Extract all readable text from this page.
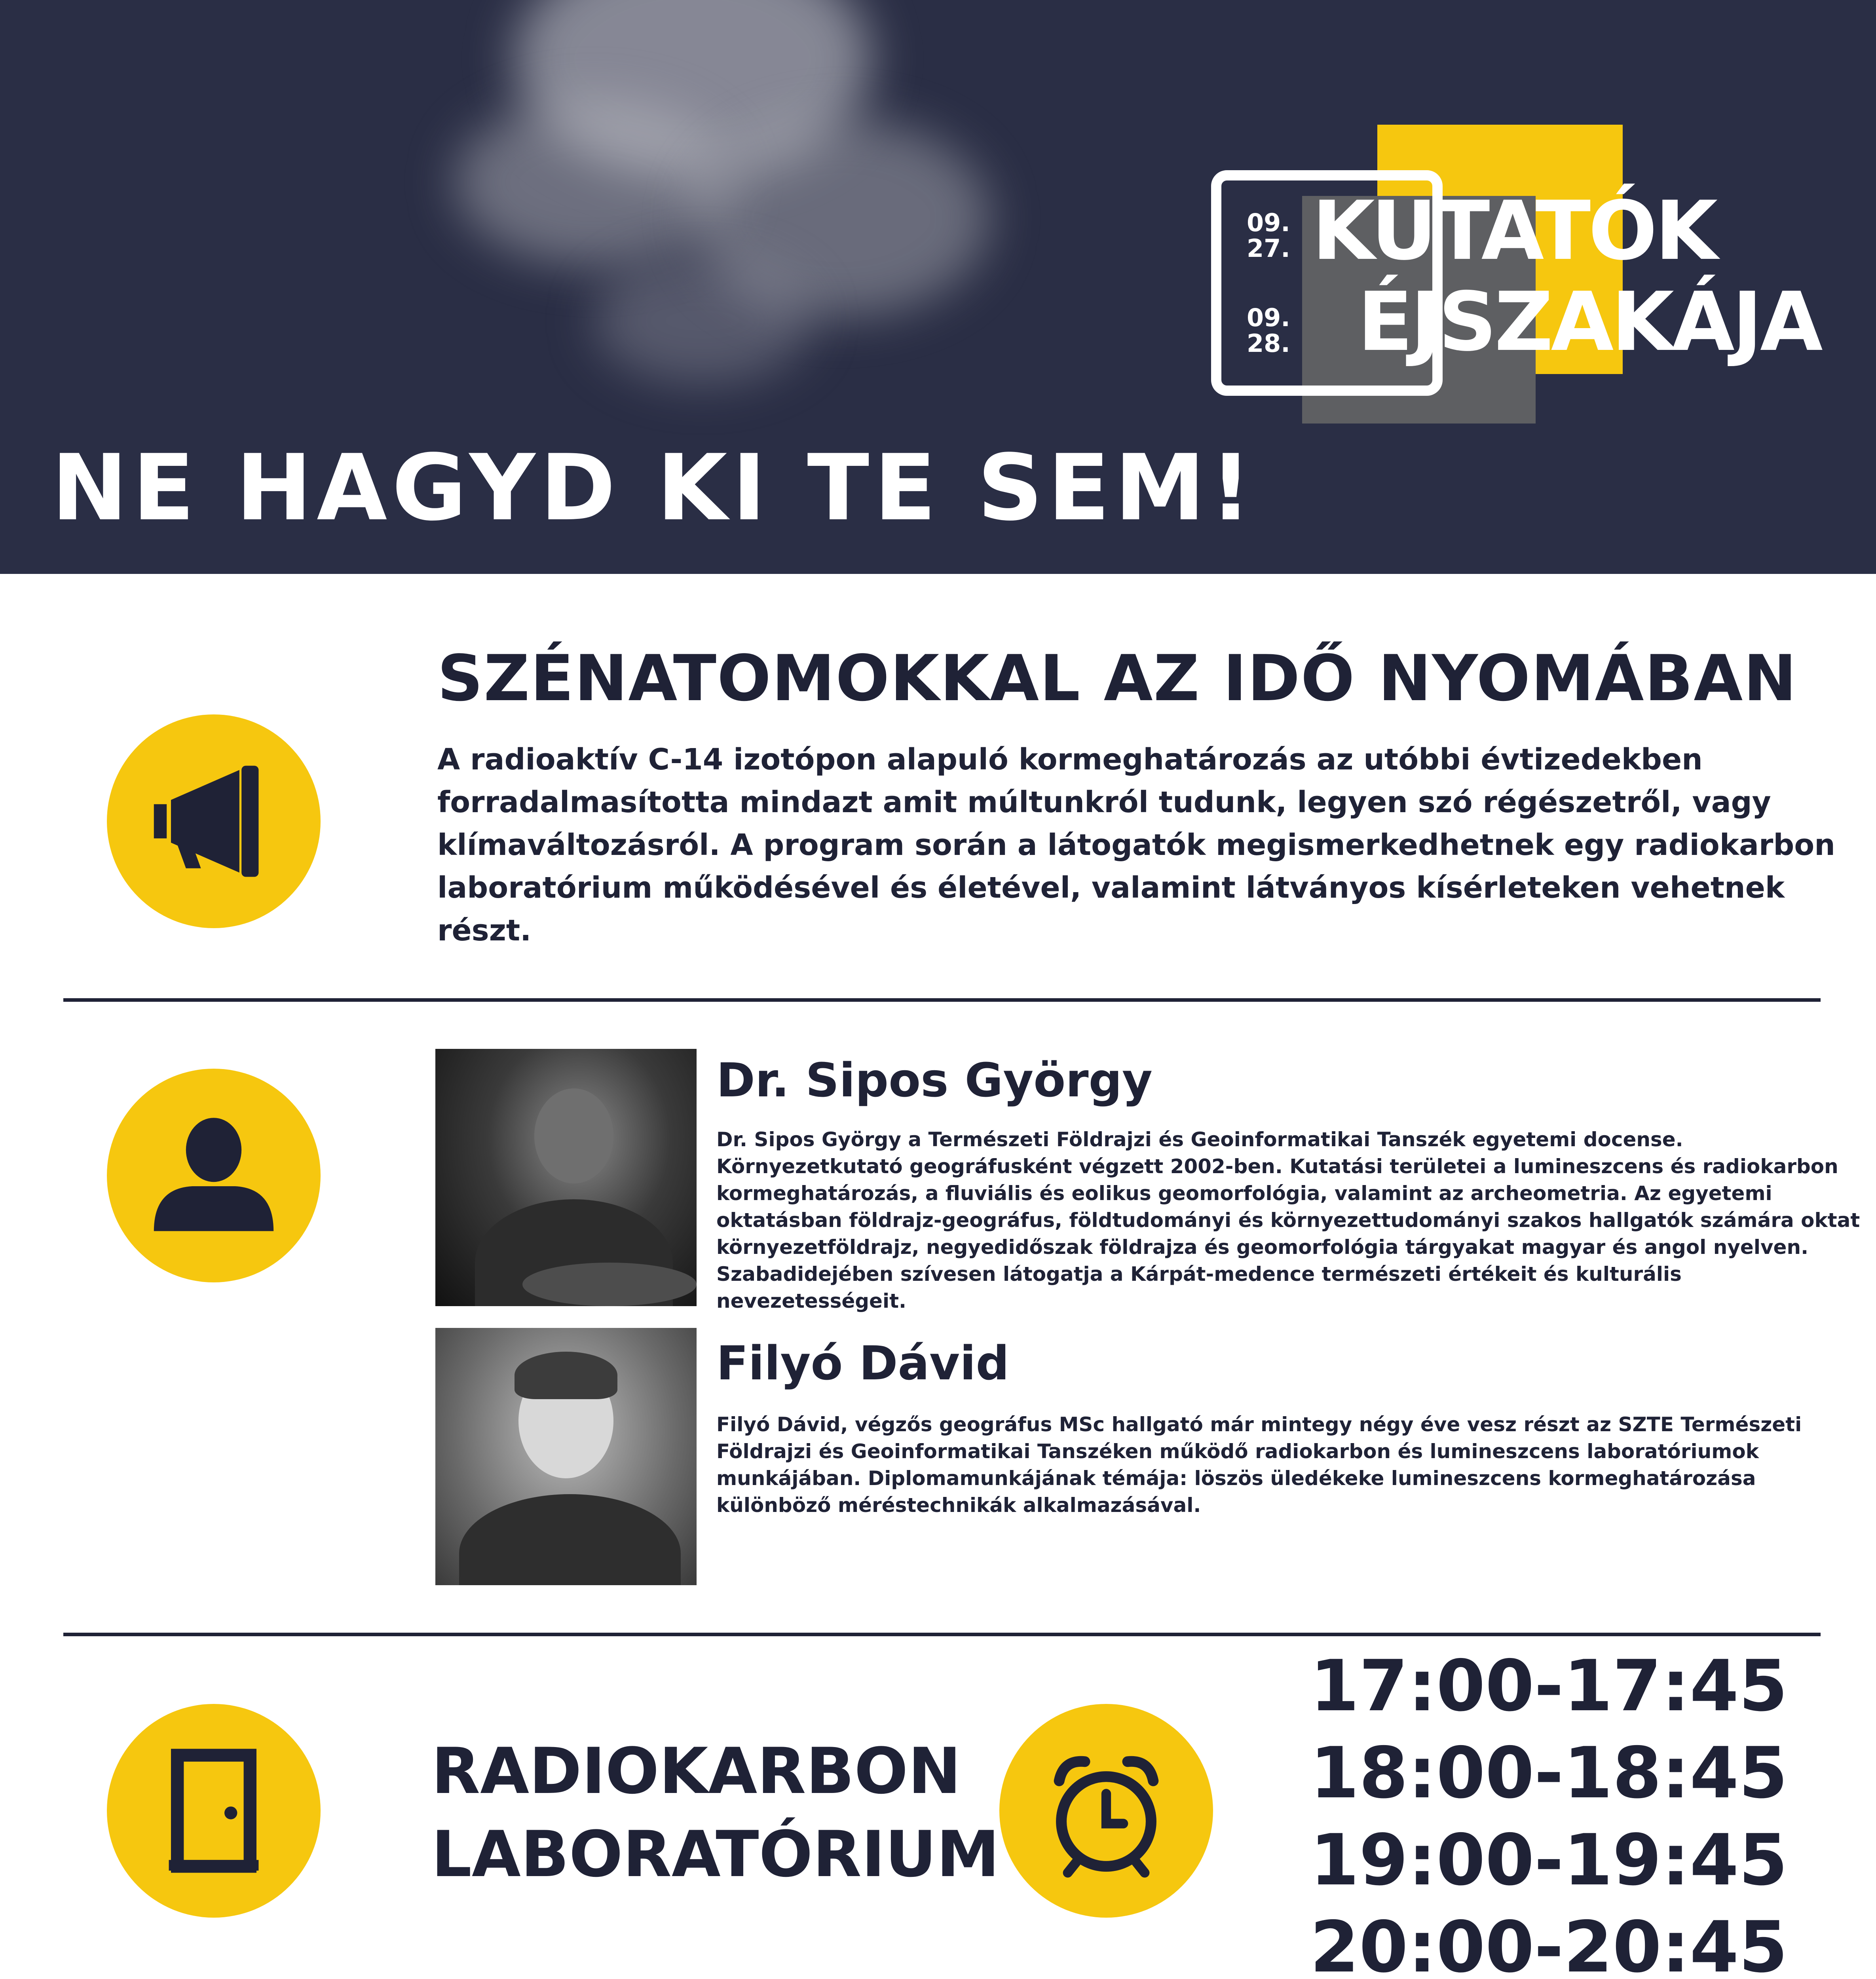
09.
27.
09.
28.
KUTATÓK
ÉJSZAKÁJA
NE HAGYD KI TE SEM!
SZÉNATOMOKKAL AZ IDŐ NYOMÁBAN
A radioaktív C-14 izotópon alapuló kormeghatározás az utóbbi évtizedekben forradalmasította mindazt amit múltunkról tudunk, legyen szó régészetről, vagy klímaváltozásról. A program során a látogatók megismerkedhetnek egy radiokarbon laboratórium működésével és életével, valamint látványos kísérleteken vehetnek részt.
Dr. Sipos György
Dr. Sipos György a Természeti Földrajzi és Geoinformatikai Tanszék egyetemi docense. Környezetkutató geográfusként végzett 2002-ben. Kutatási területei a lumineszcens és radiokarbon kormeghatározás, a fluviális és eolikus geomorfológia, valamint az archeometria. Az egyetemi oktatásban földrajz-geográfus, földtudományi és környezettudományi szakos hallgatók számára oktat környezetföldrajz, negyedidőszak földrajza és geomorfológia tárgyakat magyar és angol nyelven. Szabadidejében szívesen látogatja a Kárpát-medence természeti értékeit és kulturális nevezetességeit.
Filyó Dávid
Filyó Dávid, végzős geográfus MSc hallgató már mintegy négy éve vesz részt az SZTE Természeti Földrajzi és Geoinformatikai Tanszéken működő radiokarbon és lumineszcens laboratóriumok munkájában. Diplomamunkájának témája: löszös üledékeke lumineszcens kormeghatározása különböző méréstechnikák alkalmazásával.
RADIOKARBON
LABORATÓRIUM
17:00-17:45
18:00-18:45
19:00-19:45
20:00-20:45
